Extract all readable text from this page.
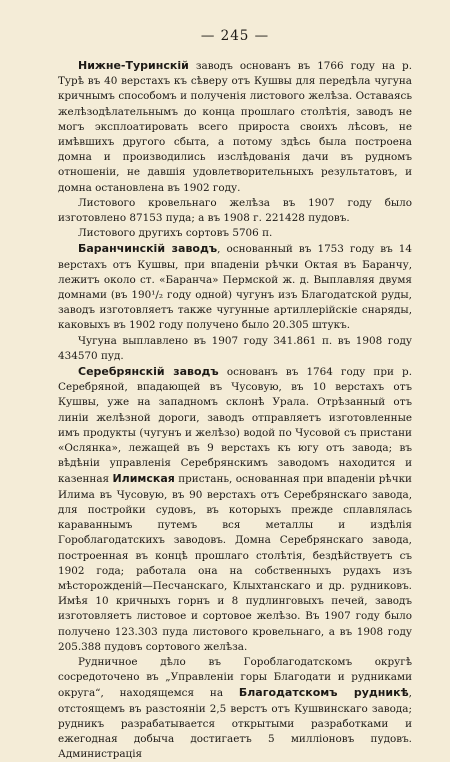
— 245 —

Нижне-Туринскій заводъ основанъ въ 1766 году на р. Турѣ въ 40 верстахъ къ сѣверу отъ Кушвы для передѣла чугуна кричнымъ способомъ и полученія листового желѣза. Оставаясь желѣзодѣлательнымъ до конца прошлаго столѣтія, заводъ не могъ эксплоатировать всего прироста своихъ лѣсовъ, не имѣвшихъ другого сбыта, а потому здѣсь была построена домна и производились изслѣдованія дачи въ рудномъ отношеніи, не давшія удовлетворительныхъ результатовъ, и домна остановлена въ 1902 году.

Листового кровельнаго желѣза въ 1907 году было изготовлено 87153 пуда; а въ 1908 г. 221428 пудовъ.

Листового другихъ сортовъ 5706 п.

Баранчинскій заводъ, основанный въ 1753 году въ 14 верстахъ отъ Кушвы, при впаденіи рѣчки Октая въ Баранчу, лежитъ около ст. «Баранча» Пермской ж. д. Выплавляя двумя домнами (въ 190¹/₂ году одной) чугунъ изъ Благодатской руды, заводъ изготовляетъ также чугунные артиллерійскіе снаряды, каковыхъ въ 1902 году получено было 20.305 штукъ.

Чугуна выплавлено въ 1907 году 341.861 п. въ 1908 году 434570 пуд.

Серебрянскій заводъ основанъ въ 1764 году при р. Серебряной, впадающей въ Чусовую, въ 10 верстахъ отъ Кушвы, уже на западномъ склонѣ Урала. Отрѣзанный отъ линіи желѣзной дороги, заводъ отправляетъ изготовленные имъ продукты (чугунъ и желѣзо) водой по Чусовой съ пристани «Ослянка», лежащей въ 9 верстахъ къ югу отъ завода; въ вѣдѣніи управленія Серебрянскимъ заводомъ находится и казенная Илимская пристань, основанная при впаденіи рѣчки Илима въ Чусовую, въ 90 верстахъ отъ Серебрянскаго завода, для постройки судовъ, въ которыхъ прежде сплавлялась караваннымъ путемъ вся металлы и издѣлія Гороблагодатскихъ заводовъ. Домна Серебрянскаго завода, построенная въ концѣ прошлаго столѣтія, бездѣйствуетъ съ 1902 года; работала она на собственныхъ рудахъ изъ мѣсторожденій—Песчанскаго, Клыхтанскаго и др. рудниковъ. Имѣя 10 кричныхъ горнъ и 8 пудлинговыхъ печей, заводъ изготовляетъ листовое и сортовое желѣзо. Въ 1907 году было получено 123.303 пуда листового кровельнаго, а въ 1908 году 205.388 пудовъ сортового желѣза.

Рудничное дѣло въ Гороблагодатскомъ округѣ сосредоточено въ „Управленіи горы Благодати и рудниками округа“, находящемся на Благодатскомъ рудникѣ, отстоящемъ въ разстояніи 2,5 верстъ отъ Кушвинскаго завода; рудникъ разрабатывается открытыми разработками и ежегодная добыча достигаетъ 5 милліоновъ пудовъ. Администрація
